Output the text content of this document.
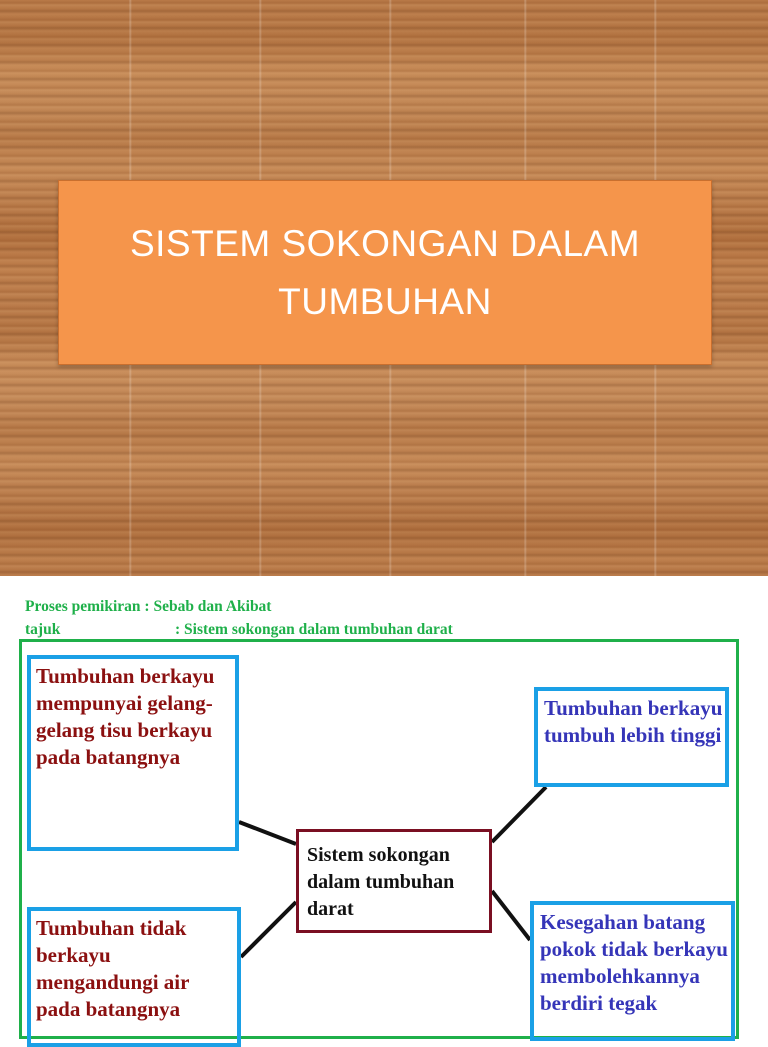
SISTEM SOKONGAN DALAM TUMBUHAN
Proses pemikiran : Sebab dan Akibat
tajuk	: Sistem sokongan dalam tumbuhan darat
Tumbuhan berkayu mempunyai gelang-gelang tisu berkayu pada batangnya
Tumbuhan tidak berkayu mengandungi air pada batangnya
Sistem sokongan dalam tumbuhan darat
Tumbuhan berkayu tumbuh lebih tinggi
Kesegahan batang pokok tidak berkayu membolehkannya berdiri tegak
